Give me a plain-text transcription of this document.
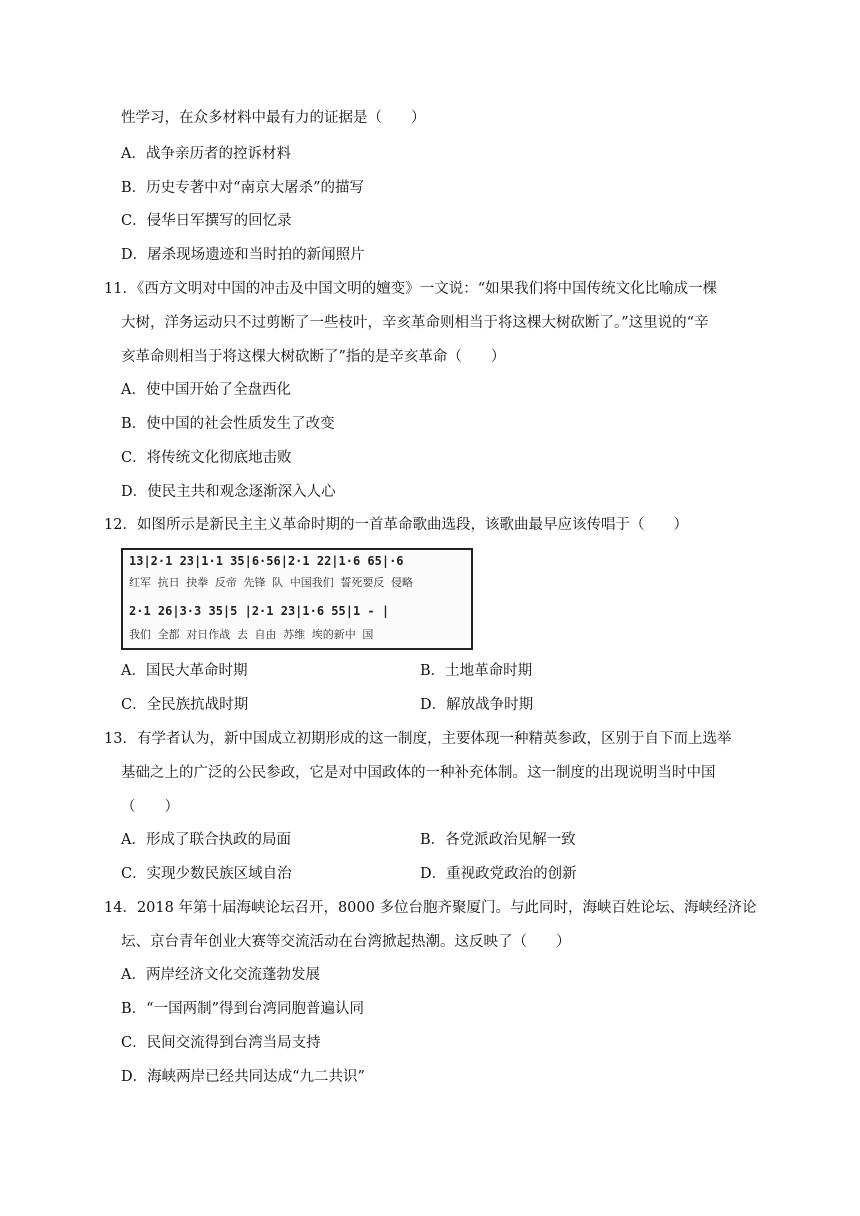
性学习，在众多材料中最有力的证据是（　　）
A．战争亲历者的控诉材料
B．历史专著中对“南京大屠杀”的描写
C．侵华日军撰写的回忆录
D．屠杀现场遗迹和当时拍的新闻照片
11．《西方文明对中国的冲击及中国文明的嬗变》一文说：“如果我们将中国传统文化比喻成一棵
大树，洋务运动只不过剪断了一些枝叶，辛亥革命则相当于将这棵大树砍断了。”这里说的“辛
亥革命则相当于将这棵大树砍断了”指的是辛亥革命（　　）
A．使中国开始了全盘西化
B．使中国的社会性质发生了改变
C．将传统文化彻底地击败
D．使民主共和观念逐渐深入人心
12．如图所示是新民主主义革命时期的一首革命歌曲选段，该歌曲最早应该传唱于（　　）
13|2·1 23|1·1 35|6·56|2·1 22|1·6 65|·6
红军 抗日 抉拳 反帝 先锋 队 中国我们 誓死要反 侵略
2·1 26|3·3 35|5 |2·1 23|1·6 55|1 - |
我们 全都 对日作战 去 自由 苏维 埃的新中 国
A．国民大革命时期	B．土地革命时期
C．全民族抗战时期	D．解放战争时期
13．有学者认为，新中国成立初期形成的这一制度，主要体现一种精英参政，区别于自下而上选举
基础之上的广泛的公民参政，它是对中国政体的一种补充体制。这一制度的出现说明当时中国
（　　）
A．形成了联合执政的局面	B．各党派政治见解一致
C．实现少数民族区域自治	D．重视政党政治的创新
14．2018 年第十届海峡论坛召开，8000 多位台胞齐聚厦门。与此同时，海峡百姓论坛、海峡经济论
坛、京台青年创业大赛等交流活动在台湾掀起热潮。这反映了（　　）
A．两岸经济文化交流蓬勃发展
B．“一国两制”得到台湾同胞普遍认同
C．民间交流得到台湾当局支持
D．海峡两岸已经共同达成“九二共识”
